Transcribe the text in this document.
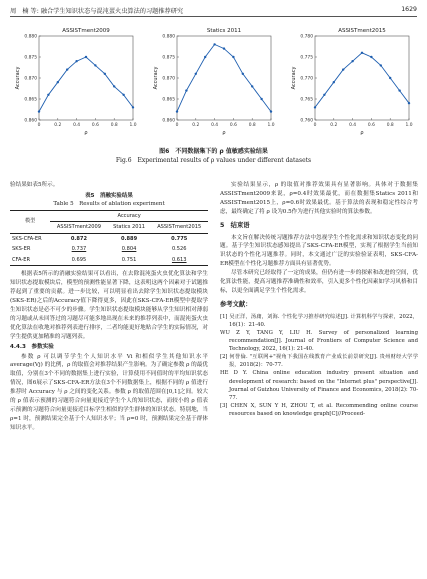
周　楠 等: 融合学生知识状态与混沌蛋火虫算法的习题推荐研究	1629
ASSISTment2009
0.880
0.875
0.870
0.865
0.860
0	0.2	0.4	0.6	0.8	1.0
Accuracy
ρ
Statics 2011
0.880
0.875
0.870
0.865
0.860
0	0.2	0.4	0.6	0.8	1.0
Accuracy
ρ
ASSISTment2015
0.780
0.775
0.770
0.765
0.760
0	0.2	0.4	0.6	0.8	1.0
Accuracy
ρ
图6　不同数据集下的 ρ 值敏感实验结果
Fig.6　Experimental results of ρ values under different datasets

验结果如表5所示。

表5　消融实验结果
Table 5　Results of ablation experiment
模型	Accuracy		
	ASSISTment2009	Statics 2011	ASSISTment2015
SKS-CFA-ER	0.872	0.889	0.775
SKS-ER	0.737	0.804	0.526
CFA-ER	0.695	0.751	0.613

根据表5所示的消融实验结果可以看出，在去除混沌蛋火虫优化算法和学生知识状态提取模块后，模型的预测性能显著下降，这表明这两个因素对于试题推荐起到了重要的贡献。进一步比较，可以明显看出去除学生知识状态提取模块(SKS-ER)之后的Accuracy值下降得更多，因此在SKS-CFA-ER模型中提取学生知识状态是必不可少的步骤。学生知识状态提取模块能够从学生知识相对薄弱的习题或从未回答过的习题尽可能多地出现在未来的推荐列表中，而混沌蛋火虫优化算法在收地对推荐列表进行排序，二者均能更好地贴合学生的实际情况，对学生提供更加精准的习题列表。

4.4.3　参数实验

参数 ρ 可以调节学生个人知识水平 Vi 和相似学生其他知识水平 average(Vj) 的比例，ρ 的取值会对推荐结果产生影响。为了确定参数 ρ 的最优取值，分别在3个不同的数据集上进行实验，计算使用不同值时的平均知识状态情况，图6展示了SKS-CFA-ER方法在3个不同数据集上，根据不同的 ρ 值进行推荐时 Accuracy 与 ρ 之间的变化关系。参数 ρ 的取值范围在[0,1]之间。较大的 ρ 值表示预测的习题符合向量更接近学生个人的知识状态，而较小的 ρ 值表示预测的习题符合向量更接近目标学生相似的学生群体的知识状态。特别地，当 ρ=1 时，预测结果完全基于个人知识水平；当 ρ=0 时，预测结果完全基于群体知识水平。

实验结果显示，ρ 的取值对推荐效果具有显著影响。具体对于数据集ASSISTment2009来说，ρ=0.4时效果最优，而在数据集Statics 2011和ASSISTment2015上，ρ=0.6时效果最优。基于算法的表现和稳定性综合考虑，最终确定了将 ρ 设为0.5作为进行其他实验时的算法参数。

5　结束语

本文旨在解决传统习题推荐方法中忽视学生个性化需求和知识状态变化的问题。基于学生知识状态感知提出了SKS-CFA-ER模型，实现了根据学生当前知识状态的个性化习题推荐。同时，本文通过广泛的实验验证表明，SKS-CFA-ER模型在个性化习题推荐方面具有显著优势。

尽管本研究已经取得了一定的成果，但仍有进一步的探索和改进的空间，优化算法性能，提高习题推荐准确性和效率，引入更多个性化因素如学习风格和目标，以更全面满足学生个性化需求。

参考文献：

[1] 吴正洋，汤庸，刘海. 个性化学习推荐研究综述[J]. 计算机科学与探索，2022，16(1)：21-40.

WU Z Y, TANG Y, LIU H. Survey of personalized learning recommendation[J]. Journal of Frontiers of Computer Science and Technology, 2022, 16(1): 21-40.

[2] 何誉倫. "互联网+"视角下我国在线教育产业成长前景研究[J]. 贵州财经大学学报，2018(2)：70-77.

HE D Y. China online education industry present situation and development of research: based on the "Internet plus" perspective[J]. Journal of Guizhou University of Finance and Economics, 2018(2): 70-77.

[3] CHEN X, SUN Y H, ZHOU T, et al. Recommending online course resources based on knowledge graph[C]//Proceed-
